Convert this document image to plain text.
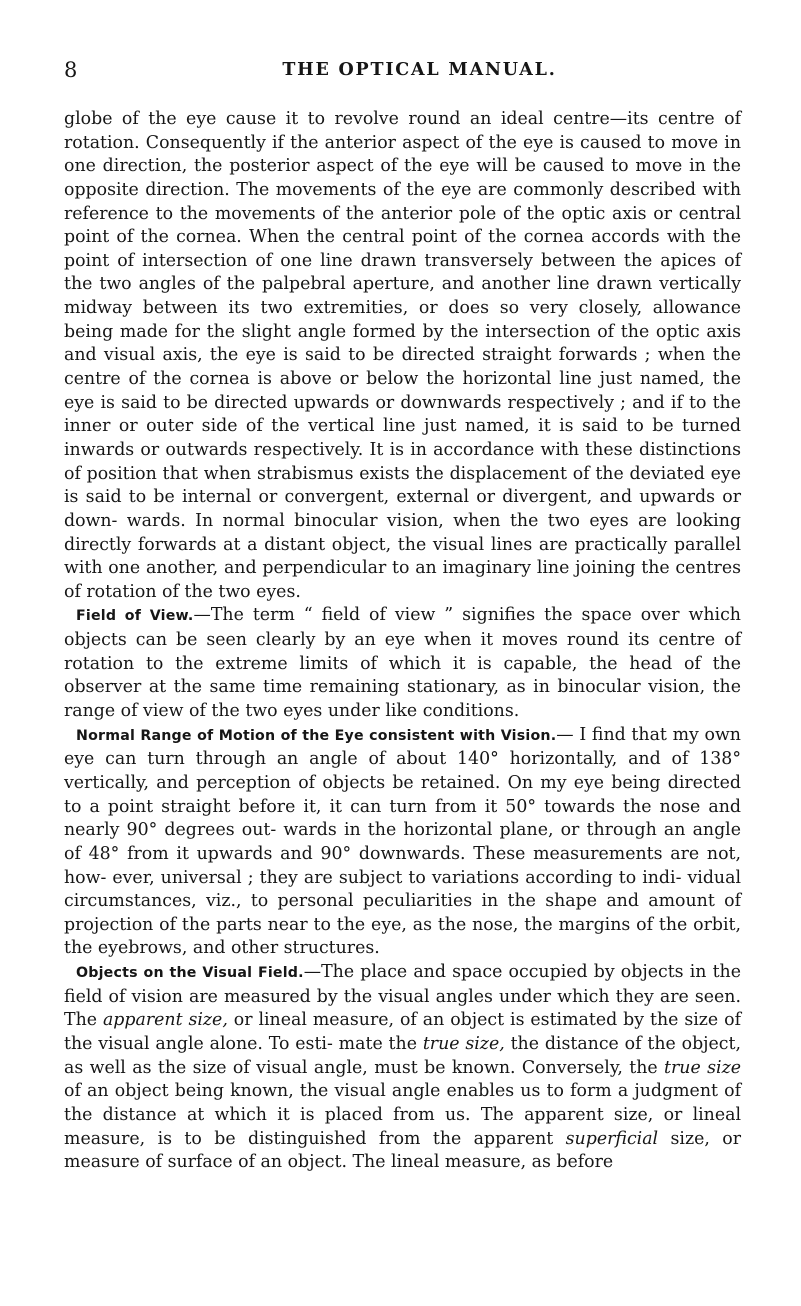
8	THE OPTICAL MANUAL.

globe of the eye cause it to revolve round an ideal centre—its centre of rotation. Consequently if the anterior aspect of the eye is caused to move in one direction, the posterior aspect of the eye will be caused to move in the opposite direction. The movements of the eye are commonly described with reference to the movements of the anterior pole of the optic axis or central point of the cornea. When the central point of the cornea accords with the point of intersection of one line drawn transversely between the apices of the two angles of the palpebral aperture, and another line drawn vertically midway between its two extremities, or does so very closely, allowance being made for the slight angle formed by the intersection of the optic axis and visual axis, the eye is said to be directed straight forwards ; when the centre of the cornea is above or below the horizontal line just named, the eye is said to be directed upwards or downwards respectively ; and if to the inner or outer side of the vertical line just named, it is said to be turned inwards or outwards respectively. It is in accordance with these distinctions of position that when strabismus exists the displacement of the deviated eye is said to be internal or convergent, external or divergent, and upwards or down- wards. In normal binocular vision, when the two eyes are looking directly forwards at a distant object, the visual lines are practically parallel with one another, and perpendicular to an imaginary line joining the centres of rotation of the two eyes.

Field of View.—The term “ field of view ” signifies the space over which objects can be seen clearly by an eye when it moves round its centre of rotation to the extreme limits of which it is capable, the head of the observer at the same time remaining stationary, as in binocular vision, the range of view of the two eyes under like conditions.

Normal Range of Motion of the Eye consistent with Vision.— I find that my own eye can turn through an angle of about 140° horizontally, and of 138° vertically, and perception of objects be retained. On my eye being directed to a point straight before it, it can turn from it 50° towards the nose and nearly 90° degrees out- wards in the horizontal plane, or through an angle of 48° from it upwards and 90° downwards. These measurements are not, how- ever, universal ; they are subject to variations according to indi- vidual circumstances, viz., to personal peculiarities in the shape and amount of projection of the parts near to the eye, as the nose, the margins of the orbit, the eyebrows, and other structures.

Objects on the Visual Field.—The place and space occupied by objects in the field of vision are measured by the visual angles under which they are seen. The apparent size, or lineal measure, of an object is estimated by the size of the visual angle alone. To esti- mate the true size, the distance of the object, as well as the size of visual angle, must be known. Conversely, the true size of an object being known, the visual angle enables us to form a judgment of the distance at which it is placed from us. The apparent size, or lineal measure, is to be distinguished from the apparent superficial size, or measure of surface of an object. The lineal measure, as before
